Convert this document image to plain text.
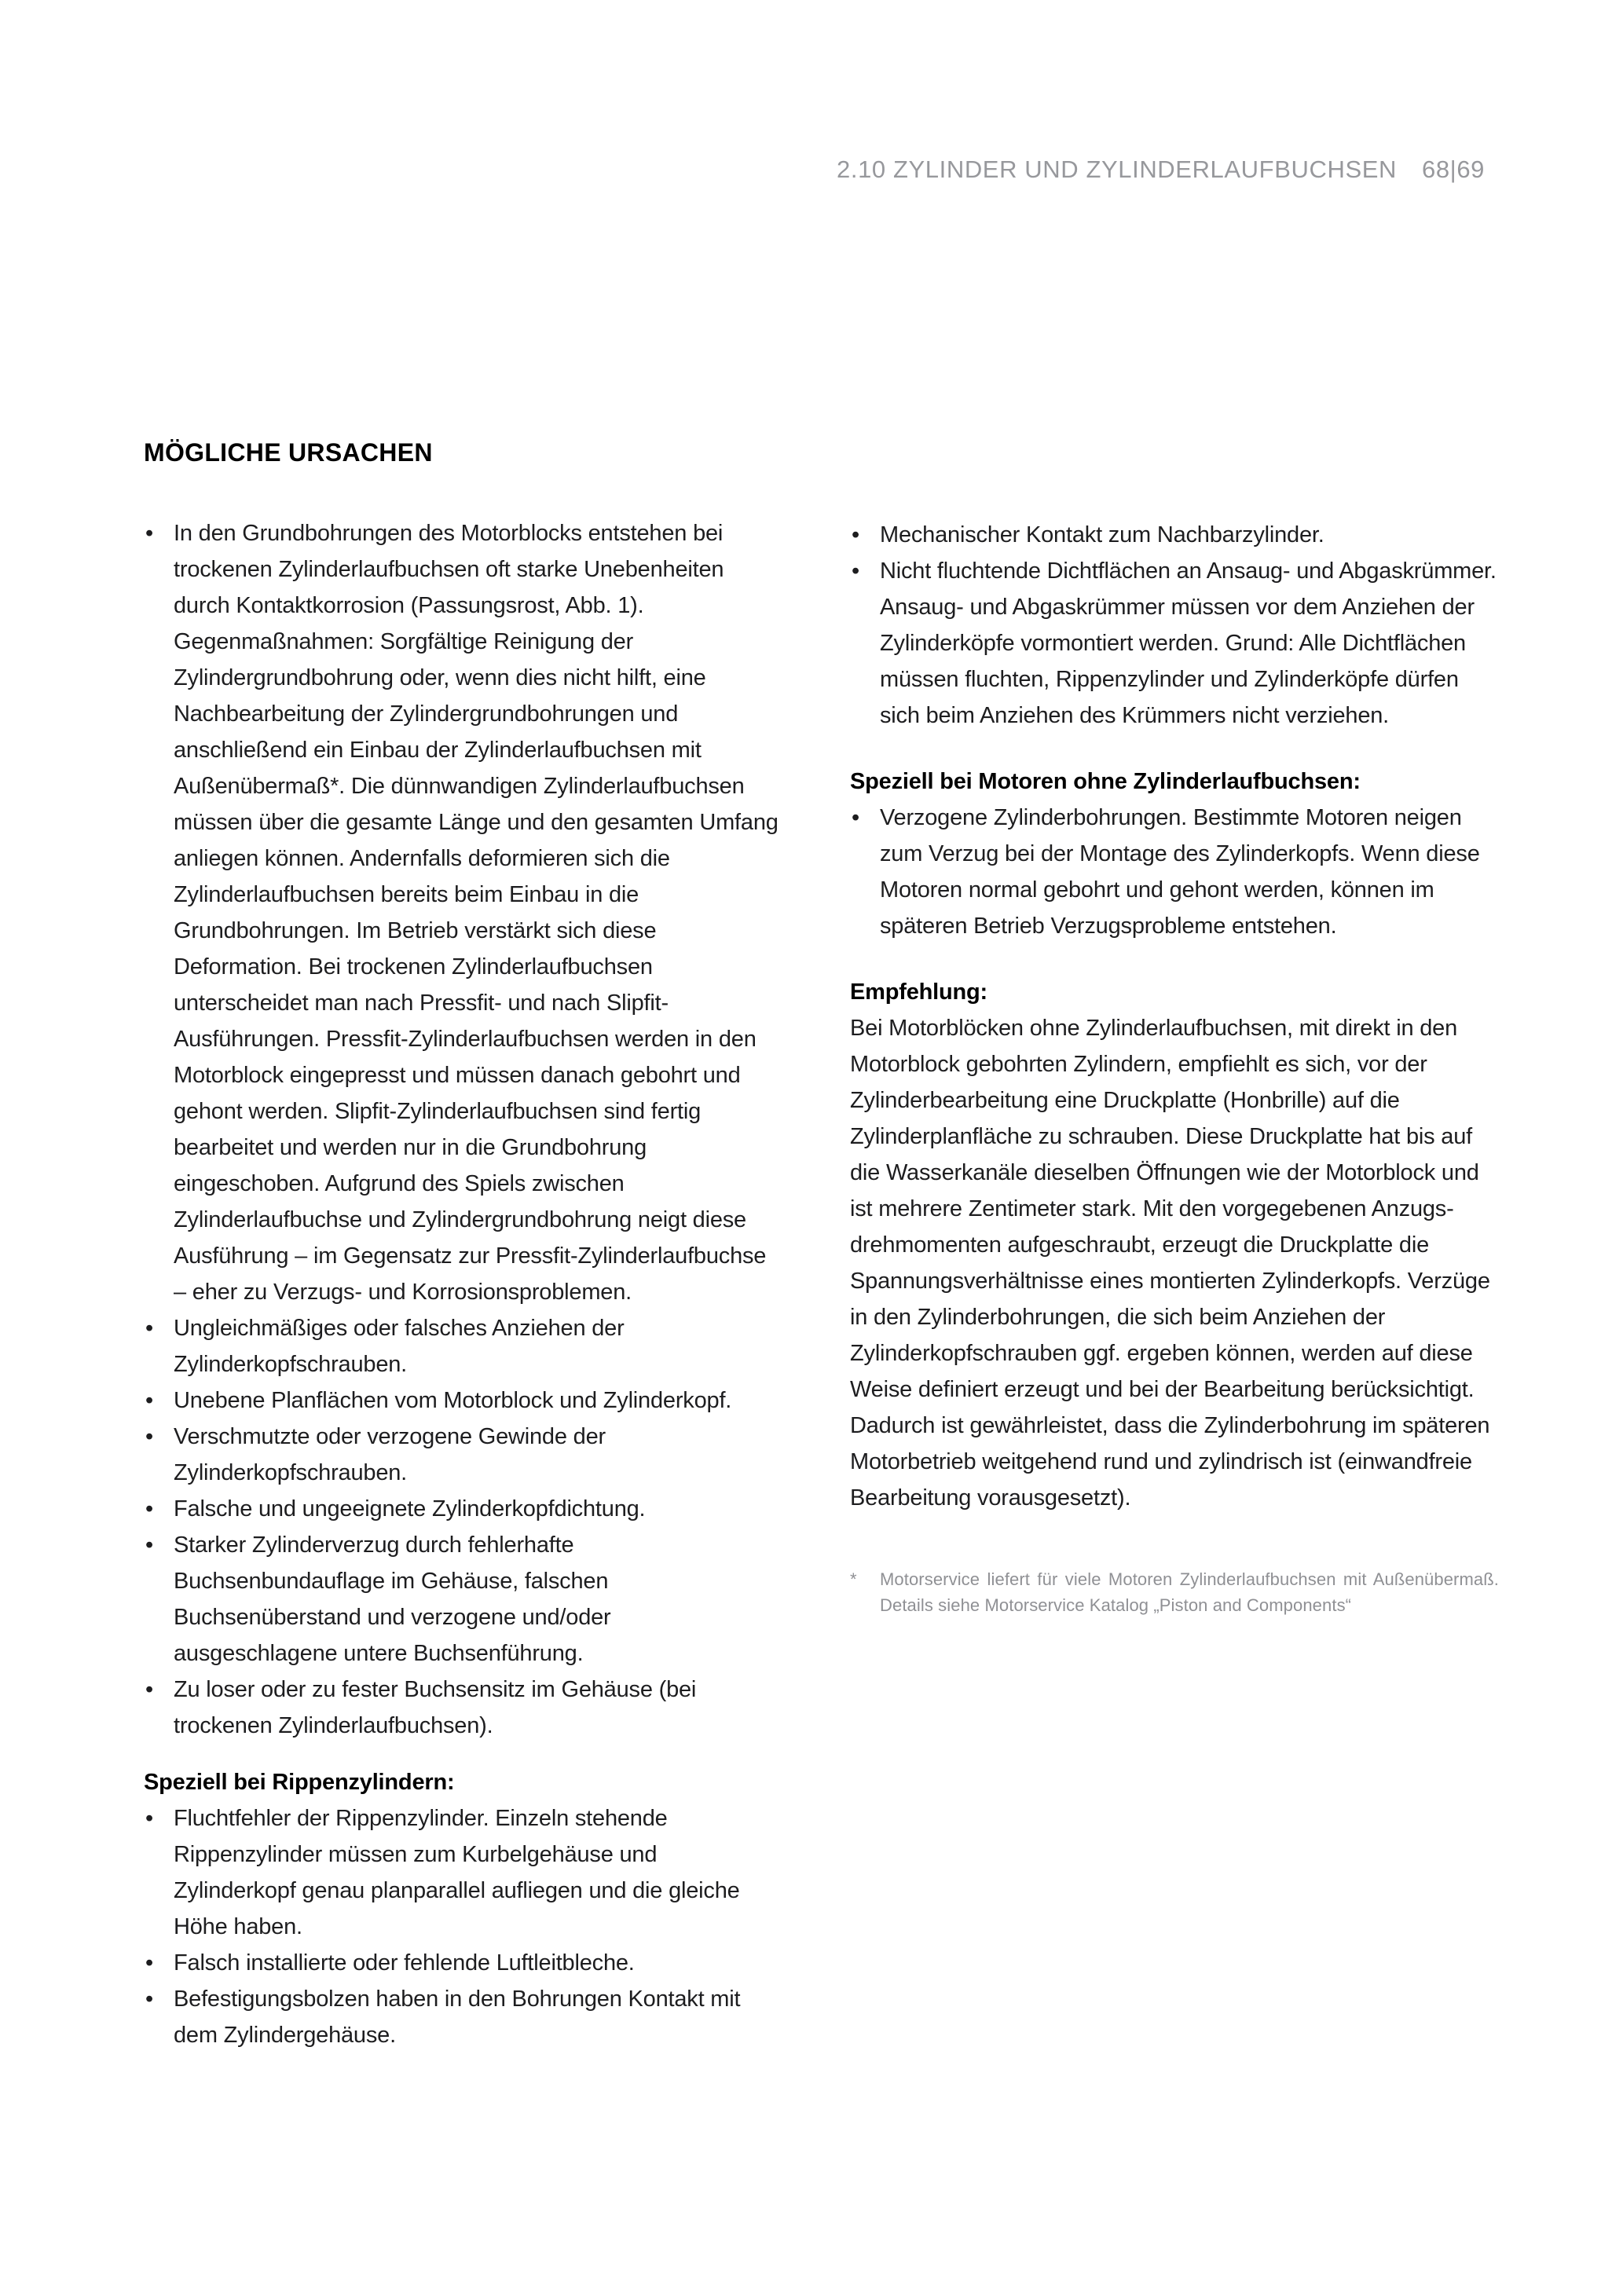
2.10 ZYLINDER UND ZYLINDERLAUFBUCHSEN 68|69
MÖGLICHE URSACHEN
• In den Grundbohrungen des Motorblocks entstehen bei trockenen Zylinderlaufbuchsen oft starke Unebenheiten durch Kontaktkorrosion (Passungsrost, Abb. 1). Gegenmaßnahmen: Sorgfältige Reinigung der Zylindergrundbohrung oder, wenn dies nicht hilft, eine Nachbearbeitung der Zylindergrundbohrungen und anschließend ein Einbau der Zylinderlaufbuchsen mit Außenübermaß*. Die dünnwandigen Zylinderlaufbuchsen müssen über die gesamte Länge und den gesamten Umfang anliegen können. Andernfalls deformieren sich die Zylinderlaufbuchsen bereits beim Einbau in die Grundbohrungen. Im Betrieb verstärkt sich diese Deformation. Bei trockenen Zylinderlaufbuchsen unterscheidet man nach Pressfit- und nach Slipfit-Ausführungen. Pressfit-Zylinderlaufbuchsen werden in den Motorblock eingepresst und müssen danach gebohrt und gehont werden. Slipfit-Zylinderlaufbuchsen sind fertig bearbeitet und werden nur in die Grundbohrung eingeschoben. Aufgrund des Spiels zwischen Zylinderlaufbuchse und Zylindergrundbohrung neigt diese Ausführung – im Gegensatz zur Pressfit-Zylinderlaufbuchse – eher zu Verzugs- und Korrosionsproblemen.
• Ungleichmäßiges oder falsches Anziehen der Zylinderkopfschrauben.
• Unebene Planflächen vom Motorblock und Zylinderkopf.
• Verschmutzte oder verzogene Gewinde der Zylinderkopfschrauben.
• Falsche und ungeeignete Zylinderkopfdichtung.
• Starker Zylinderverzug durch fehlerhafte Buchsenbundauflage im Gehäuse, falschen Buchsenüberstand und verzogene und/oder ausgeschlagene untere Buchsenführung.
• Zu loser oder zu fester Buchsensitz im Gehäuse (bei trockenen Zylinderlaufbuchsen).

Speziell bei Rippenzylindern:

• Fluchtfehler der Rippenzylinder. Einzeln stehende Rippenzylinder müssen zum Kurbelgehäuse und Zylinderkopf genau planparallel aufliegen und die gleiche Höhe haben.
• Falsch installierte oder fehlende Luftleitbleche.
• Befestigungsbolzen haben in den Bohrungen Kontakt mit dem Zylindergehäuse.
• Mechanischer Kontakt zum Nachbarzylinder.
• Nicht fluchtende Dichtflächen an Ansaug- und Abgaskrümmer. Ansaug- und Abgaskrümmer müssen vor dem Anziehen der Zylinderköpfe vormontiert werden. Grund: Alle Dichtflächen müssen fluchten, Rippenzylinder und Zylinderköpfe dürfen sich beim Anziehen des Krümmers nicht verziehen.

Speziell bei Motoren ohne Zylinderlaufbuchsen:

• Verzogene Zylinderbohrungen. Bestimmte Motoren neigen zum Verzug bei der Montage des Zylinderkopfs. Wenn diese Motoren normal gebohrt und gehont werden, können im späteren Betrieb Verzugsprobleme entstehen.

Empfehlung:

Bei Motorblöcken ohne Zylinderlaufbuchsen, mit direkt in den Motorblock gebohrten Zylindern, empfiehlt es sich, vor der Zylinderbearbeitung eine Druckplatte (Honbrille) auf die Zylinderplanfläche zu schrauben. Diese Druckplatte hat bis auf die Wasserkanäle dieselben Öffnungen wie der Motorblock und ist mehrere Zentimeter stark. Mit den vorgegebenen Anzugsdrehmomenten aufgeschraubt, erzeugt die Druckplatte die Spannungsverhältnisse eines montierten Zylinderkopfs. Verzüge in den Zylinderbohrungen, die sich beim Anziehen der Zylinderkopfschrauben ggf. ergeben können, werden auf diese Weise definiert erzeugt und bei der Bearbeitung berücksichtigt. Dadurch ist gewährleistet, dass die Zylinderbohrung im späteren Motorbetrieb weitgehend rund und zylindrisch ist (einwandfreie Bearbeitung vorausgesetzt).

* Motorservice liefert für viele Motoren Zylinderlaufbuchsen mit Außenübermaß. Details siehe Motorservice Katalog „Piston and Components“
